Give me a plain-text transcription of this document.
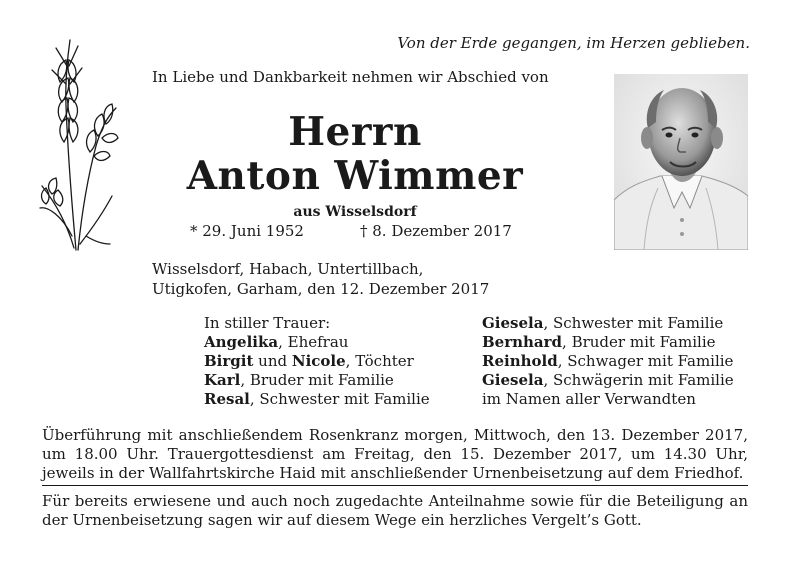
Von der Erde gegangen, im Herzen geblieben.
In Liebe und Dankbarkeit nehmen wir Abschied von
Herrn
Anton Wimmer
aus Wisselsdorf
* 29. Juni 1952	† 8. Dezember 2017
Wisselsdorf, Habach, Untertillbach,
Utigkofen, Garham, den 12. Dezember 2017
In stiller Trauer:
Angelika, Ehefrau
Birgit und Nicole, Töchter
Karl, Bruder mit Familie
Resal, Schwester mit Familie
Giesela, Schwester mit Familie
Bernhard, Bruder mit Familie
Reinhold, Schwager mit Familie
Giesela, Schwägerin mit Familie
im Namen aller Verwandten
Überführung mit anschließendem Rosenkranz morgen, Mittwoch, den 13. Dezember 2017, um 18.00 Uhr. Trauergottesdienst am Freitag, den 15. Dezember 2017, um 14.30 Uhr, jeweils in der Wallfahrtskirche Haid mit anschließender Urnenbeisetzung auf dem Friedhof.
Für bereits erwiesene und auch noch zugedachte Anteilnahme sowie für die Beteiligung an der Urnenbeisetzung sagen wir auf diesem Wege ein herzliches Vergelt’s Gott.
